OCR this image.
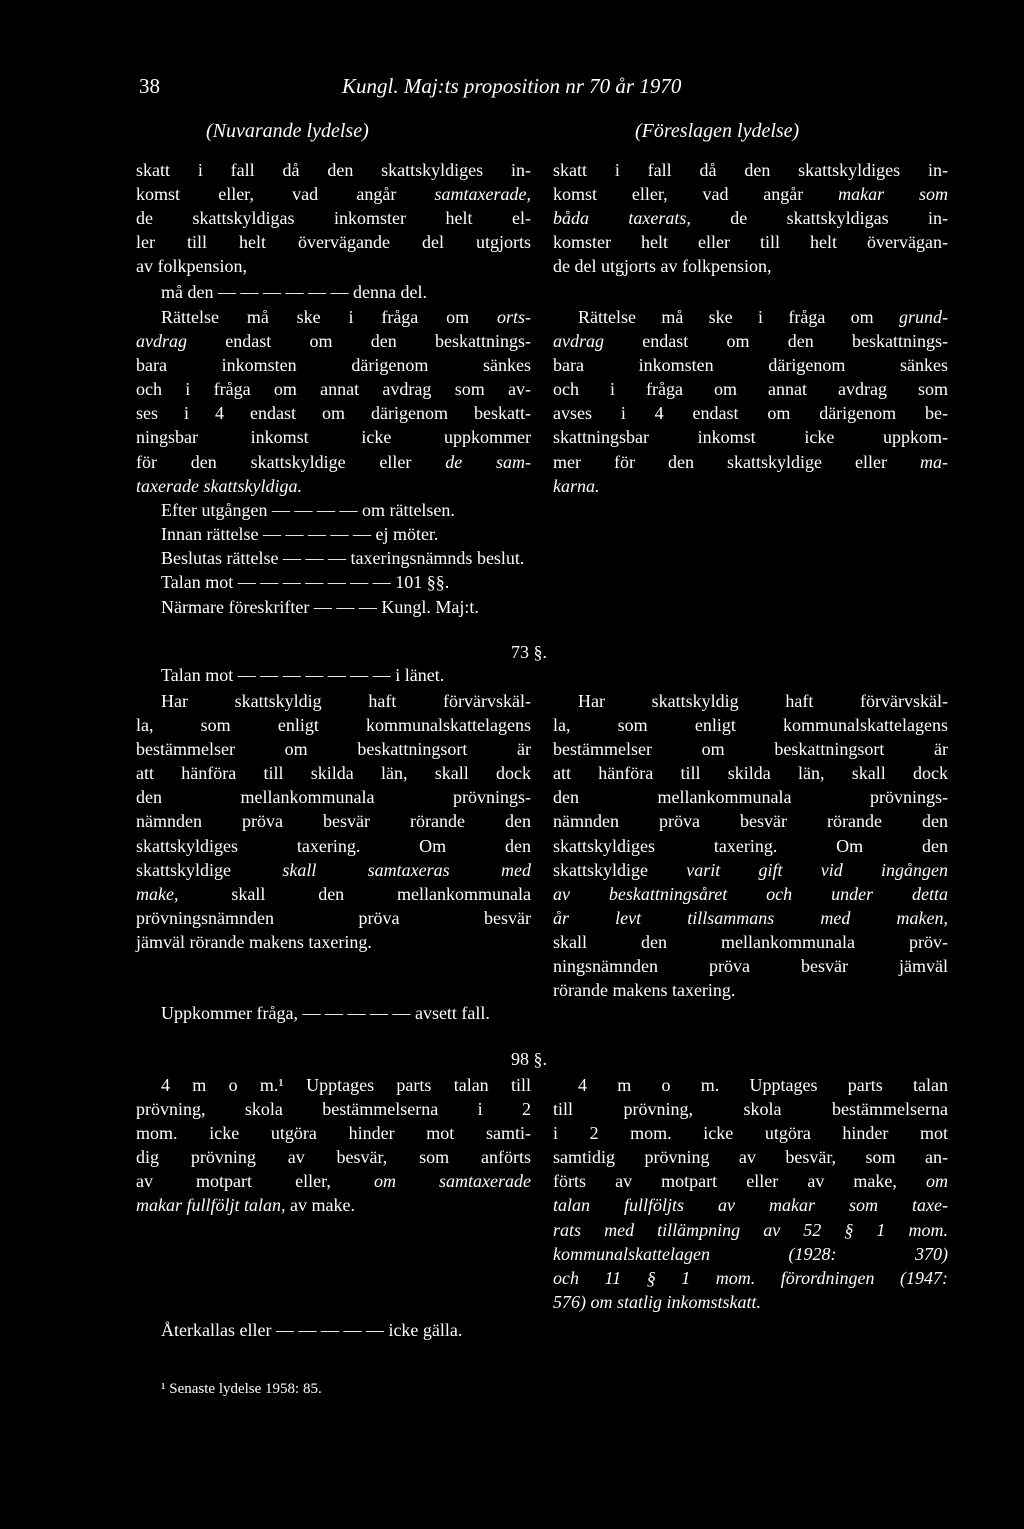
38	Kungl. Maj:ts proposition nr 70 år 1970
(Nuvarande lydelse)	(Föreslagen lydelse)
skatt i fall då den skattskyldiges in-
komst eller, vad angår samtaxerade,
de skattskyldigas inkomster helt el-
ler till helt övervägande del utgjorts
av folkpension,
skatt i fall då den skattskyldiges in-
komst eller, vad angår makar som
båda taxerats, de skattskyldigas in-
komster helt eller till helt övervägan-
de del utgjorts av folkpension,
må den — — — — — — denna del.
Rättelse må ske i fråga om orts-
avdrag endast om den beskattnings-
bara inkomsten därigenom sänkes
och i fråga om annat avdrag som av-
ses i 4 endast om därigenom beskatt-
ningsbar inkomst icke uppkommer
för den skattskyldige eller de sam-
taxerade skattskyldiga.
Rättelse må ske i fråga om grund-
avdrag endast om den beskattnings-
bara inkomsten därigenom sänkes
och i fråga om annat avdrag som
avses i 4 endast om därigenom be-
skattningsbar inkomst icke uppkom-
mer för den skattskyldige eller ma-
karna.
Efter utgången — — — — om rättelsen.
Innan rättelse — — — — — ej möter.
Beslutas rättelse — — — taxeringsnämnds beslut.
Talan mot — — — — — — — 101 §§.
Närmare föreskrifter — — — Kungl. Maj:t.
73 §.
Talan mot — — — — — — — i länet.
Har skattskyldig haft förvärvskäl-
la, som enligt kommunalskattelagens
bestämmelser om beskattningsort är
att hänföra till skilda län, skall dock
den mellankommunala prövnings-
nämnden pröva besvär rörande den
skattskyldiges taxering. Om den
skattskyldige skall samtaxeras med
make, skall den mellankommunala
prövningsnämnden pröva besvär
jämväl rörande makens taxering.
Har skattskyldig haft förvärvskäl-
la, som enligt kommunalskattelagens
bestämmelser om beskattningsort är
att hänföra till skilda län, skall dock
den mellankommunala prövnings-
nämnden pröva besvär rörande den
skattskyldiges taxering. Om den
skattskyldige varit gift vid ingången
av beskattningsåret och under detta
år levt tillsammans med maken,
skall den mellankommunala pröv-
ningsnämnden pröva besvär jämväl
rörande makens taxering.
Uppkommer fråga, — — — — — avsett fall.
98 §.
4 m o m.¹ Upptages parts talan till
prövning, skola bestämmelserna i 2
mom. icke utgöra hinder mot samti-
dig prövning av besvär, som anförts
av motpart eller, om samtaxerade
makar fullföljt talan, av make.
4 m o m. Upptages parts talan
till prövning, skola bestämmelserna
i 2 mom. icke utgöra hinder mot
samtidig prövning av besvär, som an-
förts av motpart eller av make, om
talan fullföljts av makar som taxe-
rats med tillämpning av 52 § 1 mom.
kommunalskattelagen (1928: 370)
och 11 § 1 mom. förordningen (1947:
576) om statlig inkomstskatt.
Återkallas eller — — — — — icke gälla.
¹ Senaste lydelse 1958: 85.
